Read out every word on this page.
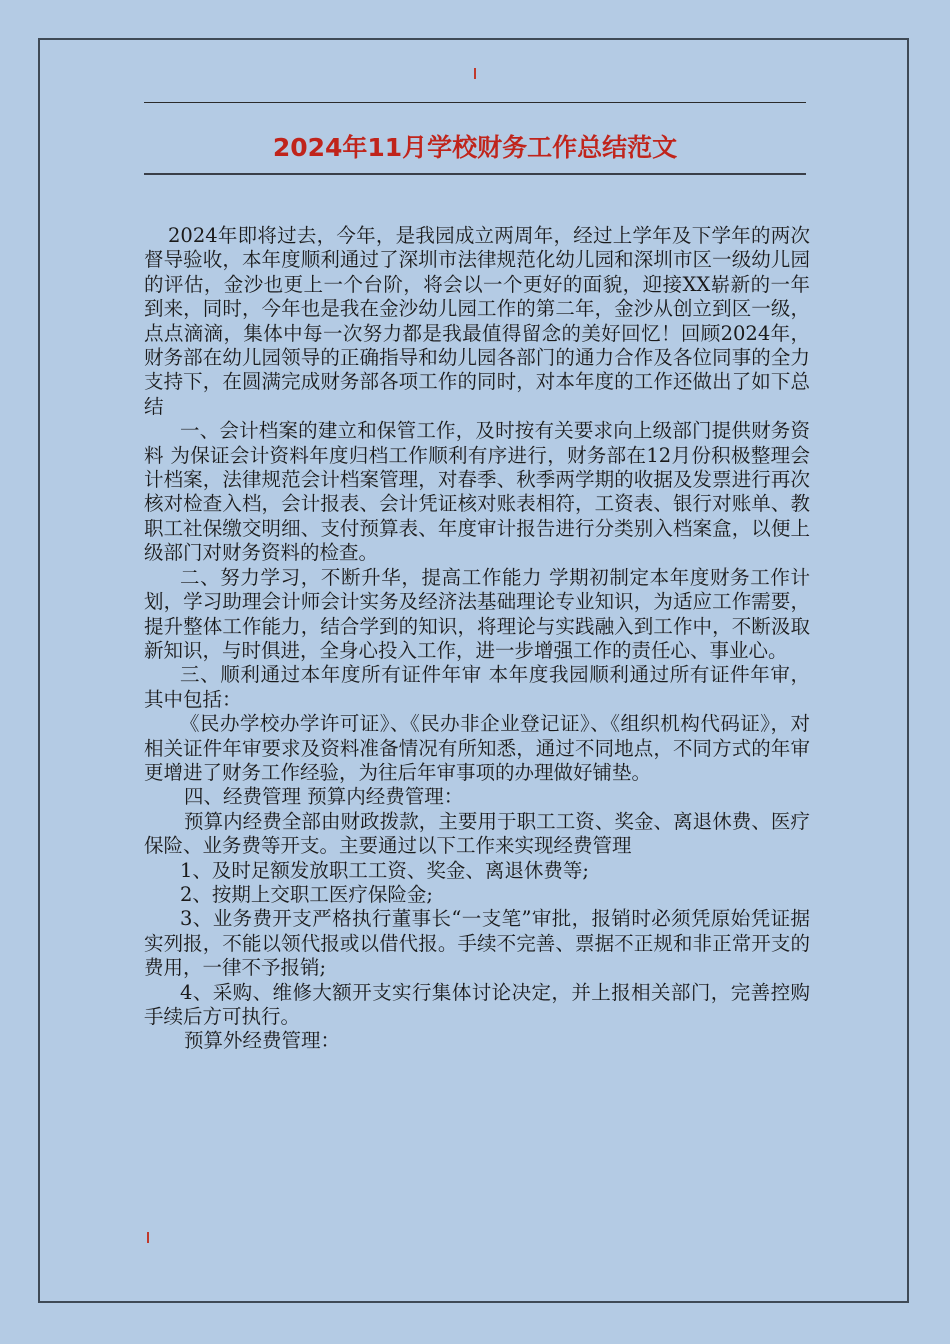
2024年11月学校财务工作总结范文

2024年即将过去，今年，是我园成立两周年，经过上学年及下学年的两次督导验收，本年度顺利通过了深圳市法律规范化幼儿园和深圳市区一级幼儿园的评估，金沙也更上一个台阶，将会以一个更好的面貌，迎接XX崭新的一年到来，同时，今年也是我在金沙幼儿园工作的第二年，金沙从创立到区一级，点点滴滴，集体中每一次努力都是我最值得留念的美好回忆！回顾2024年，财务部在幼儿园领导的正确指导和幼儿园各部门的通力合作及各位同事的全力支持下，在圆满完成财务部各项工作的同时，对本年度的工作还做出了如下总结

一、会计档案的建立和保管工作，及时按有关要求向上级部门提供财务资料 为保证会计资料年度归档工作顺利有序进行，财务部在12月份积极整理会计档案，法律规范会计档案管理，对春季、秋季两学期的收据及发票进行再次核对检查入档，会计报表、会计凭证核对账表相符，工资表、银行对账单、教职工社保缴交明细、支付预算表、年度审计报告进行分类别入档案盒，以便上级部门对财务资料的检查。

二、努力学习，不断升华，提高工作能力 学期初制定本年度财务工作计划，学习助理会计师会计实务及经济法基础理论专业知识，为适应工作需要，提升整体工作能力，结合学到的知识，将理论与实践融入到工作中，不断汲取新知识，与时俱进，全身心投入工作，进一步增强工作的责任心、事业心。

三、顺利通过本年度所有证件年审 本年度我园顺利通过所有证件年审，其中包括：

《民办学校办学许可证》、《民办非企业登记证》、《组织机构代码证》，对相关证件年审要求及资料准备情况有所知悉，通过不同地点，不同方式的年审更增进了财务工作经验，为往后年审事项的办理做好铺垫。

四、经费管理 预算内经费管理：

预算内经费全部由财政拨款，主要用于职工工资、奖金、离退休费、医疗保险、业务费等开支。主要通过以下工作来实现经费管理

1、及时足额发放职工工资、奖金、离退休费等;

2、按期上交职工医疗保险金;

3、业务费开支严格执行董事长“一支笔”审批，报销时必须凭原始凭证据实列报，不能以领代报或以借代报。手续不完善、票据不正规和非正常开支的费用，一律不予报销;

4、采购、维修大额开支实行集体讨论决定，并上报相关部门，完善控购手续后方可执行。

预算外经费管理：
